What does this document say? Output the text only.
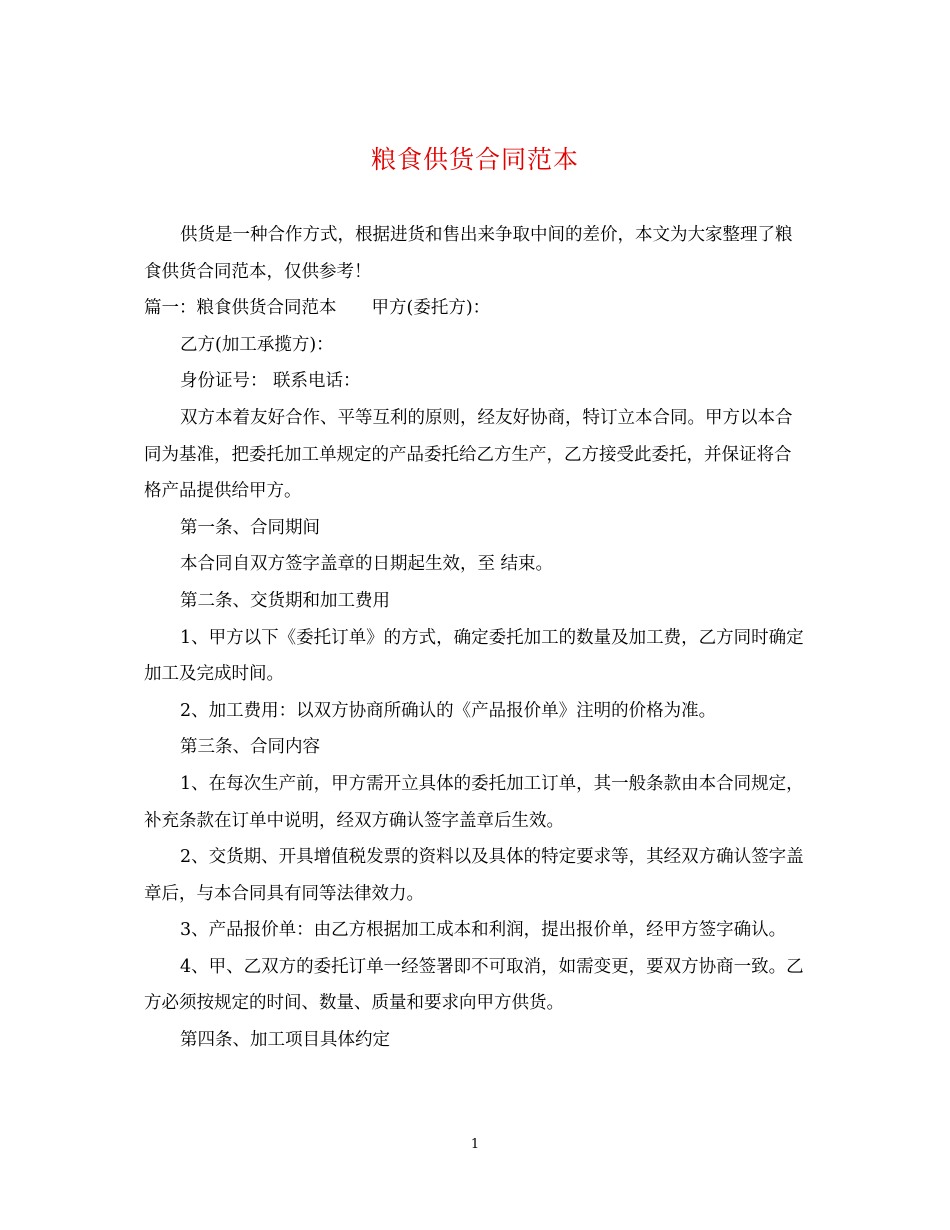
粮食供货合同范本

供货是一种合作方式，根据进货和售出来争取中间的差价，本文为大家整理了粮食供货合同范本，仅供参考！

篇一：粮食供货合同范本　　甲方(委托方)：

乙方(加工承揽方)：

身份证号： 联系电话：

双方本着友好合作、平等互利的原则，经友好协商，特订立本合同。甲方以本合同为基准，把委托加工单规定的产品委托给乙方生产，乙方接受此委托，并保证将合格产品提供给甲方。

第一条、合同期间

本合同自双方签字盖章的日期起生效，至 结束。

第二条、交货期和加工费用

1、甲方以下《委托订单》的方式，确定委托加工的数量及加工费，乙方同时确定加工及完成时间。

2、加工费用：以双方协商所确认的《产品报价单》注明的价格为准。

第三条、合同内容

1、在每次生产前，甲方需开立具体的委托加工订单，其一般条款由本合同规定，补充条款在订单中说明，经双方确认签字盖章后生效。

2、交货期、开具增值税发票的资料以及具体的特定要求等，其经双方确认签字盖章后，与本合同具有同等法律效力。

3、产品报价单：由乙方根据加工成本和利润，提出报价单，经甲方签字确认。

4、甲、乙双方的委托订单一经签署即不可取消，如需变更，要双方协商一致。乙方必须按规定的时间、数量、质量和要求向甲方供货。

第四条、加工项目具体约定

1
